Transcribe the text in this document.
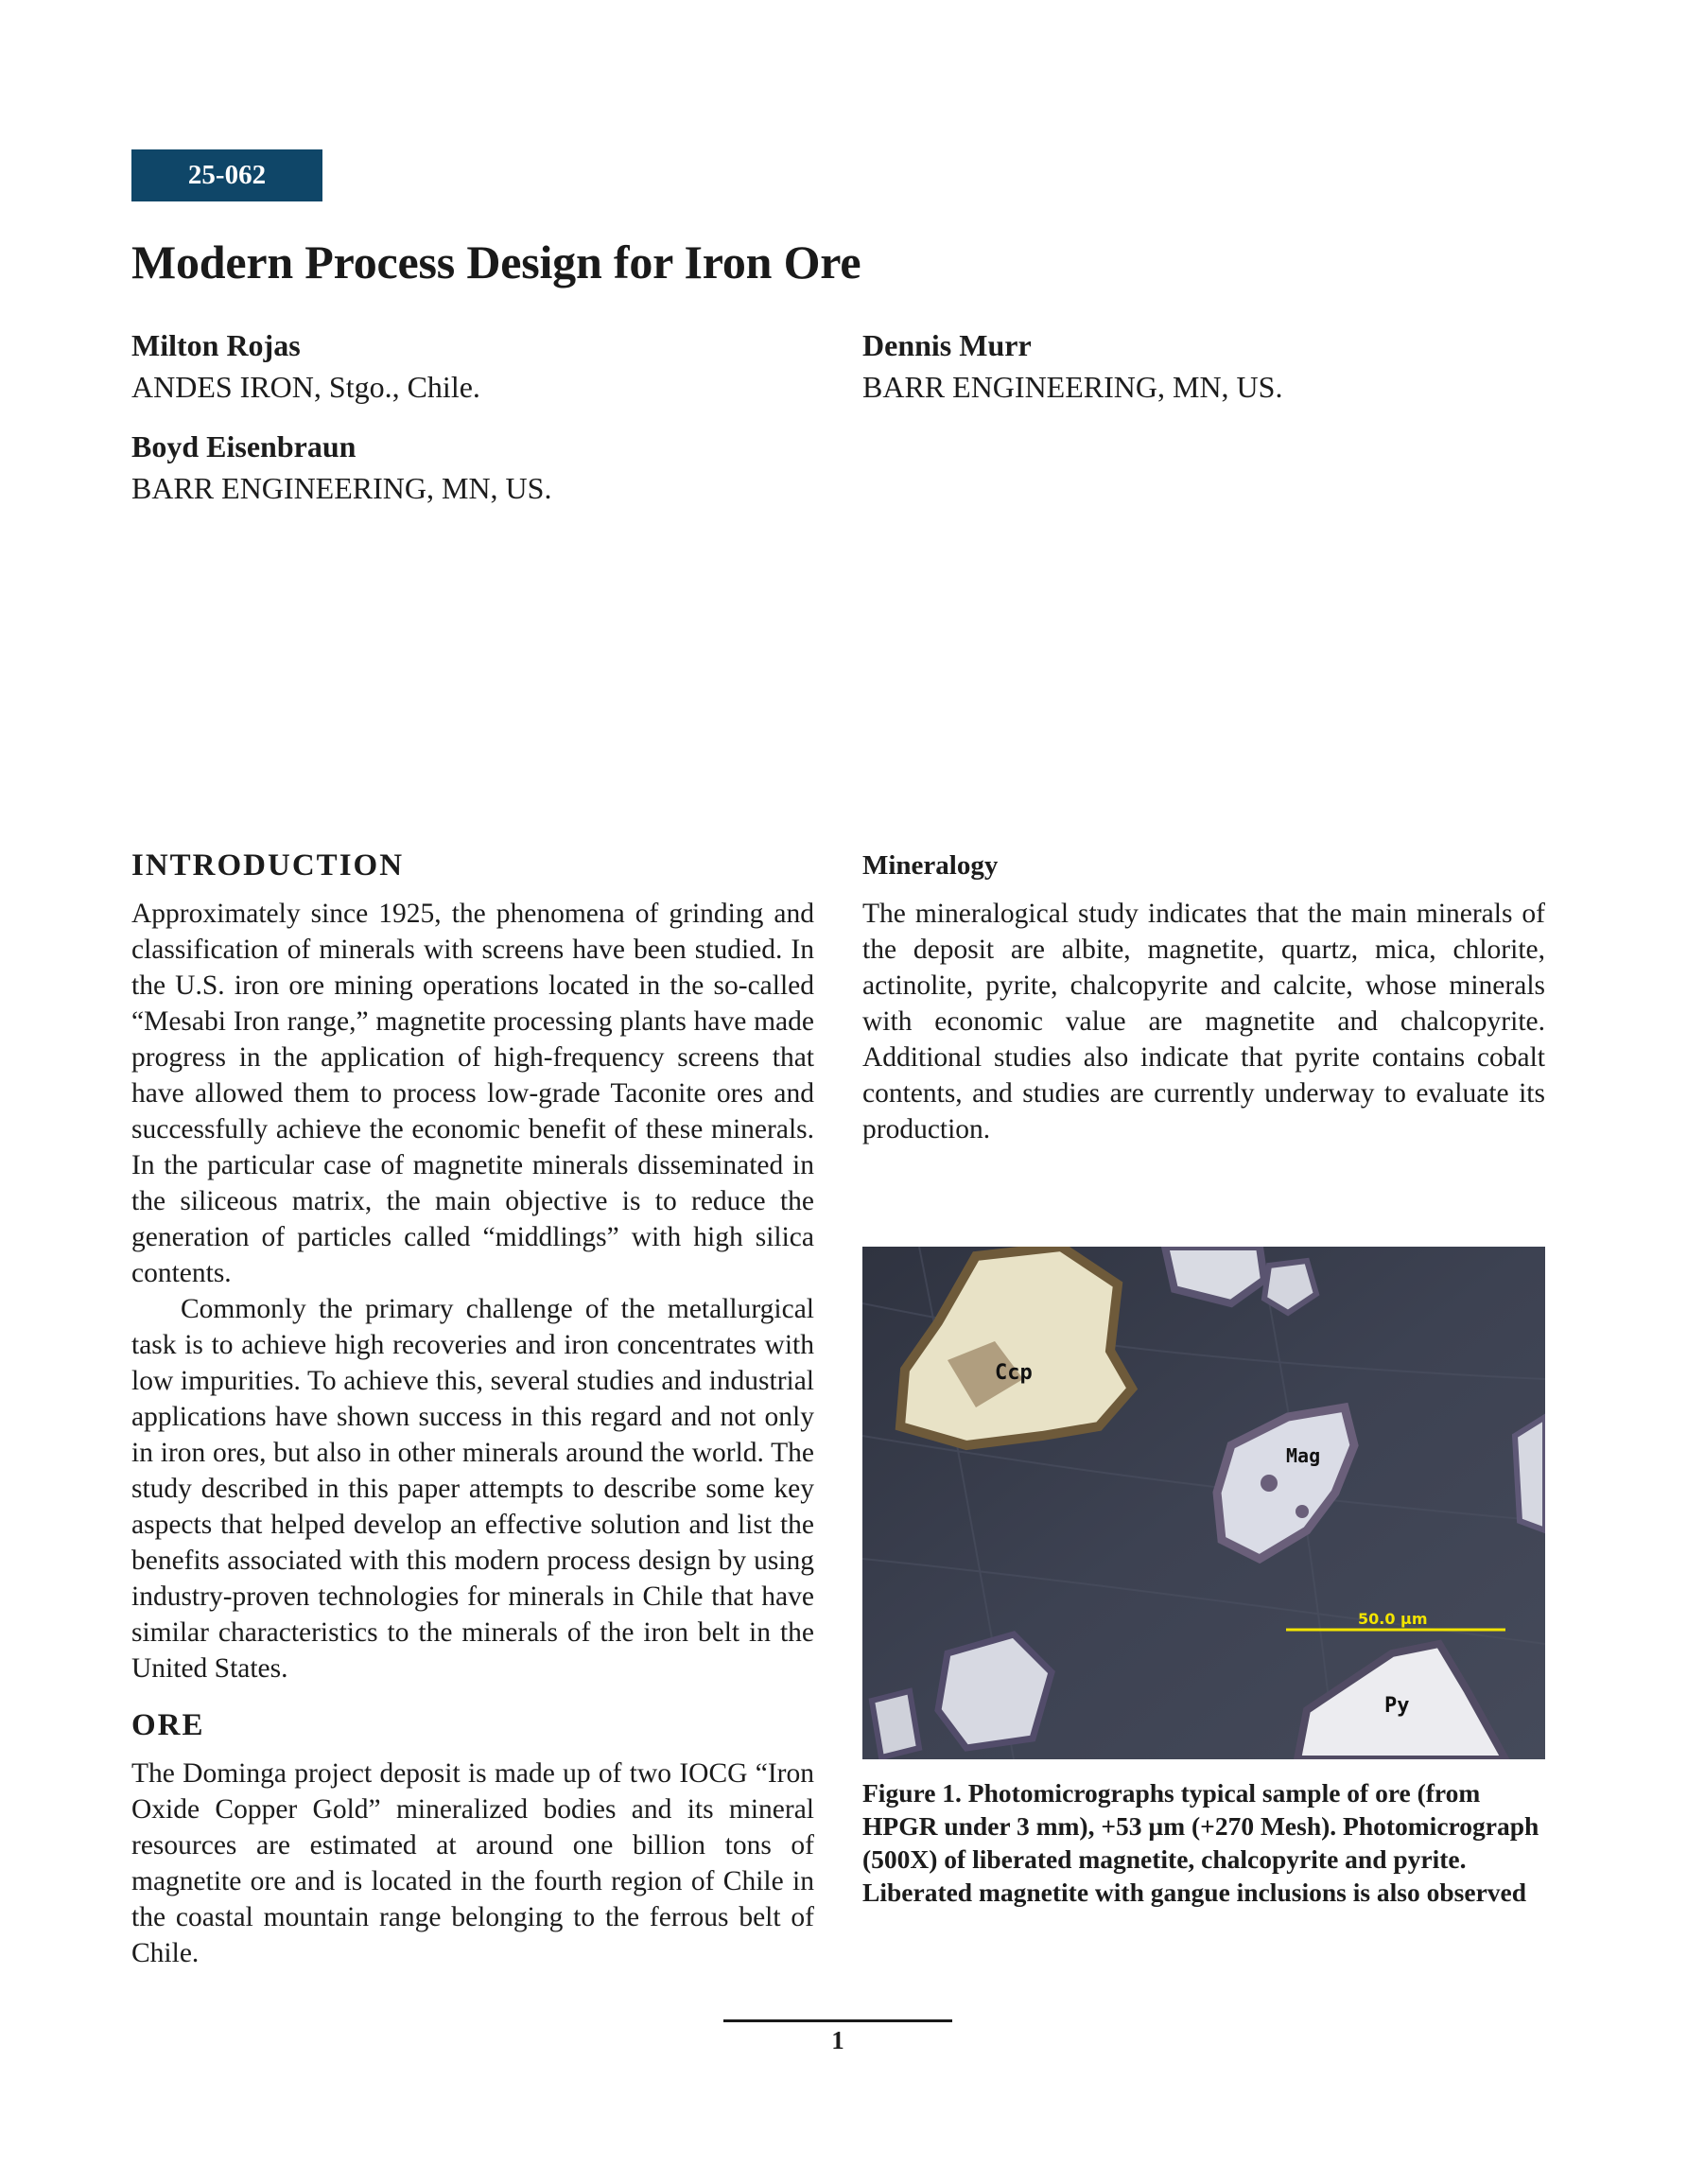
25-062
Modern Process Design for Iron Ore
Milton Rojas
ANDES IRON, Stgo., Chile.
Dennis Murr
BARR ENGINEERING, MN, US.
Boyd Eisenbraun
BARR ENGINEERING, MN, US.
INTRODUCTION

Approximately since 1925, the phenomena of grinding and classification of minerals with screens have been studied. In the U.S. iron ore mining operations located in the so-called “Mesabi Iron range,” magnetite processing plants have made progress in the application of high-frequency screens that have allowed them to process low-grade Taconite ores and successfully achieve the economic benefit of these minerals. In the particular case of magnetite minerals disseminated in the siliceous matrix, the main objective is to reduce the generation of particles called “middlings” with high silica contents.

Commonly the primary challenge of the metallurgical task is to achieve high recoveries and iron concentrates with low impurities. To achieve this, several studies and industrial applications have shown success in this regard and not only in iron ores, but also in other minerals around the world. The study described in this paper attempts to describe some key aspects that helped develop an effective solution and list the benefits associated with this modern process design by using industry-proven technologies for minerals in Chile that have similar characteristics to the minerals of the iron belt in the United States.

ORE

The Dominga project deposit is made up of two IOCG “Iron Oxide Copper Gold” mineralized bodies and its mineral resources are estimated at around one billion tons of magnetite ore and is located in the fourth region of Chile in the coastal mountain range belonging to the ferrous belt of Chile.

Mineralogy

The mineralogical study indicates that the main minerals of the deposit are albite, magnetite, quartz, mica, chlorite, actinolite, pyrite, chalcopyrite and calcite, whose minerals with economic value are magnetite and chalcopyrite. Additional studies also indicate that pyrite contains cobalt contents, and studies are currently underway to evaluate its production.

50.0 µm
Ccp
Mag
Py

Figure 1. Photomicrographs typical sample of ore (from HPGR under 3 mm), +53 µm (+270 Mesh). Photomicrograph (500X) of liberated magnetite, chalcopyrite and pyrite. Liberated magnetite with gangue inclusions is also observed

1
